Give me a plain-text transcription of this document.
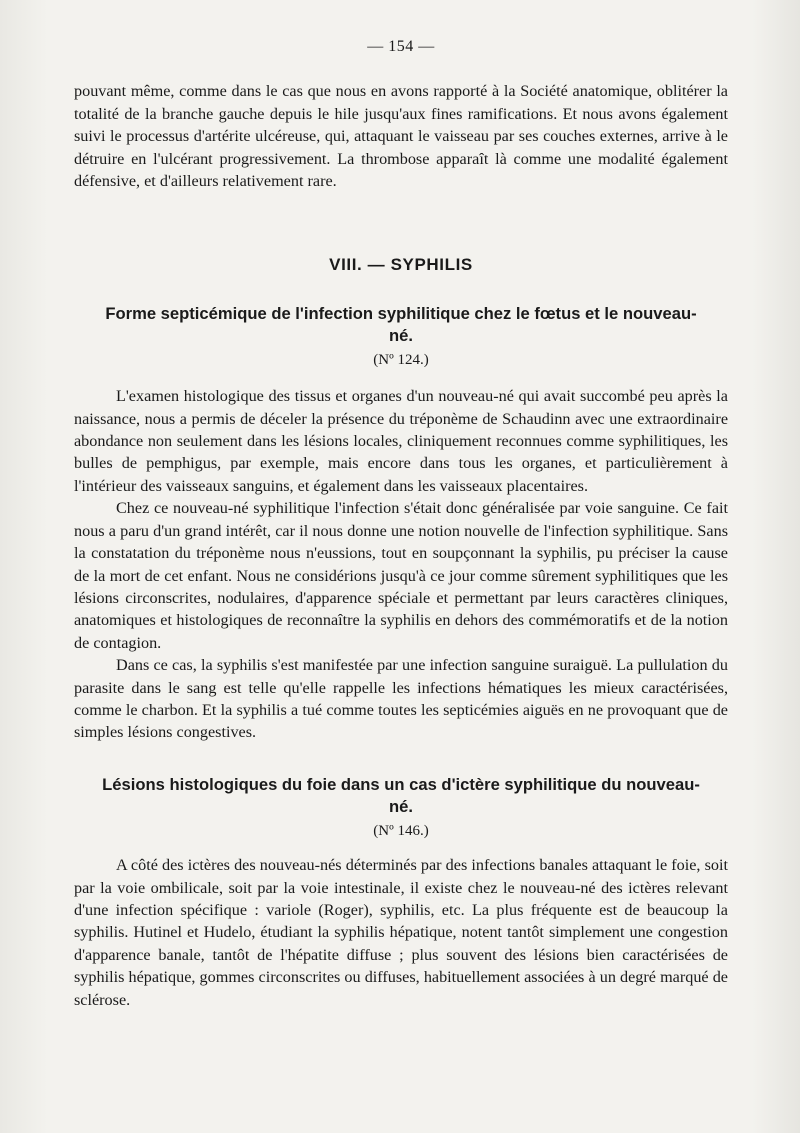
— 154 —

pouvant même, comme dans le cas que nous en avons rapporté à la Société anatomique, oblitérer la totalité de la branche gauche depuis le hile jusqu'aux fines ramifications. Et nous avons également suivi le processus d'artérite ulcéreuse, qui, attaquant le vaisseau par ses couches externes, arrive à le détruire en l'ulcérant progressivement. La thrombose apparaît là comme une modalité également défensive, et d'ailleurs relativement rare.

VIII. — SYPHILIS
Forme septicémique de l'infection syphilitique chez le fœtus et le nouveau-né.
(Nº 124.)

L'examen histologique des tissus et organes d'un nouveau-né qui avait succombé peu après la naissance, nous a permis de déceler la présence du tréponème de Schaudinn avec une extraordinaire abondance non seulement dans les lésions locales, cliniquement reconnues comme syphilitiques, les bulles de pemphigus, par exemple, mais encore dans tous les organes, et particulièrement à l'intérieur des vaisseaux sanguins, et également dans les vaisseaux placentaires.

Chez ce nouveau-né syphilitique l'infection s'était donc généralisée par voie sanguine. Ce fait nous a paru d'un grand intérêt, car il nous donne une notion nouvelle de l'infection syphilitique. Sans la constatation du tréponème nous n'eussions, tout en soupçonnant la syphilis, pu préciser la cause de la mort de cet enfant. Nous ne considérions jusqu'à ce jour comme sûrement syphilitiques que les lésions circonscrites, nodulaires, d'apparence spéciale et permettant par leurs caractères cliniques, anatomiques et histologiques de reconnaître la syphilis en dehors des commémoratifs et de la notion de contagion.

Dans ce cas, la syphilis s'est manifestée par une infection sanguine suraiguë. La pullulation du parasite dans le sang est telle qu'elle rappelle les infections hématiques les mieux caractérisées, comme le charbon. Et la syphilis a tué comme toutes les septicémies aiguës en ne provoquant que de simples lésions congestives.

Lésions histologiques du foie dans un cas d'ictère syphilitique du nouveau-né.
(Nº 146.)

A côté des ictères des nouveau-nés déterminés par des infections banales attaquant le foie, soit par la voie ombilicale, soit par la voie intestinale, il existe chez le nouveau-né des ictères relevant d'une infection spécifique : variole (Roger), syphilis, etc. La plus fréquente est de beaucoup la syphilis. Hutinel et Hudelo, étudiant la syphilis hépatique, notent tantôt simplement une congestion d'apparence banale, tantôt de l'hépatite diffuse ; plus souvent des lésions bien caractérisées de syphilis hépatique, gommes circonscrites ou diffuses, habituellement associées à un degré marqué de sclérose.
